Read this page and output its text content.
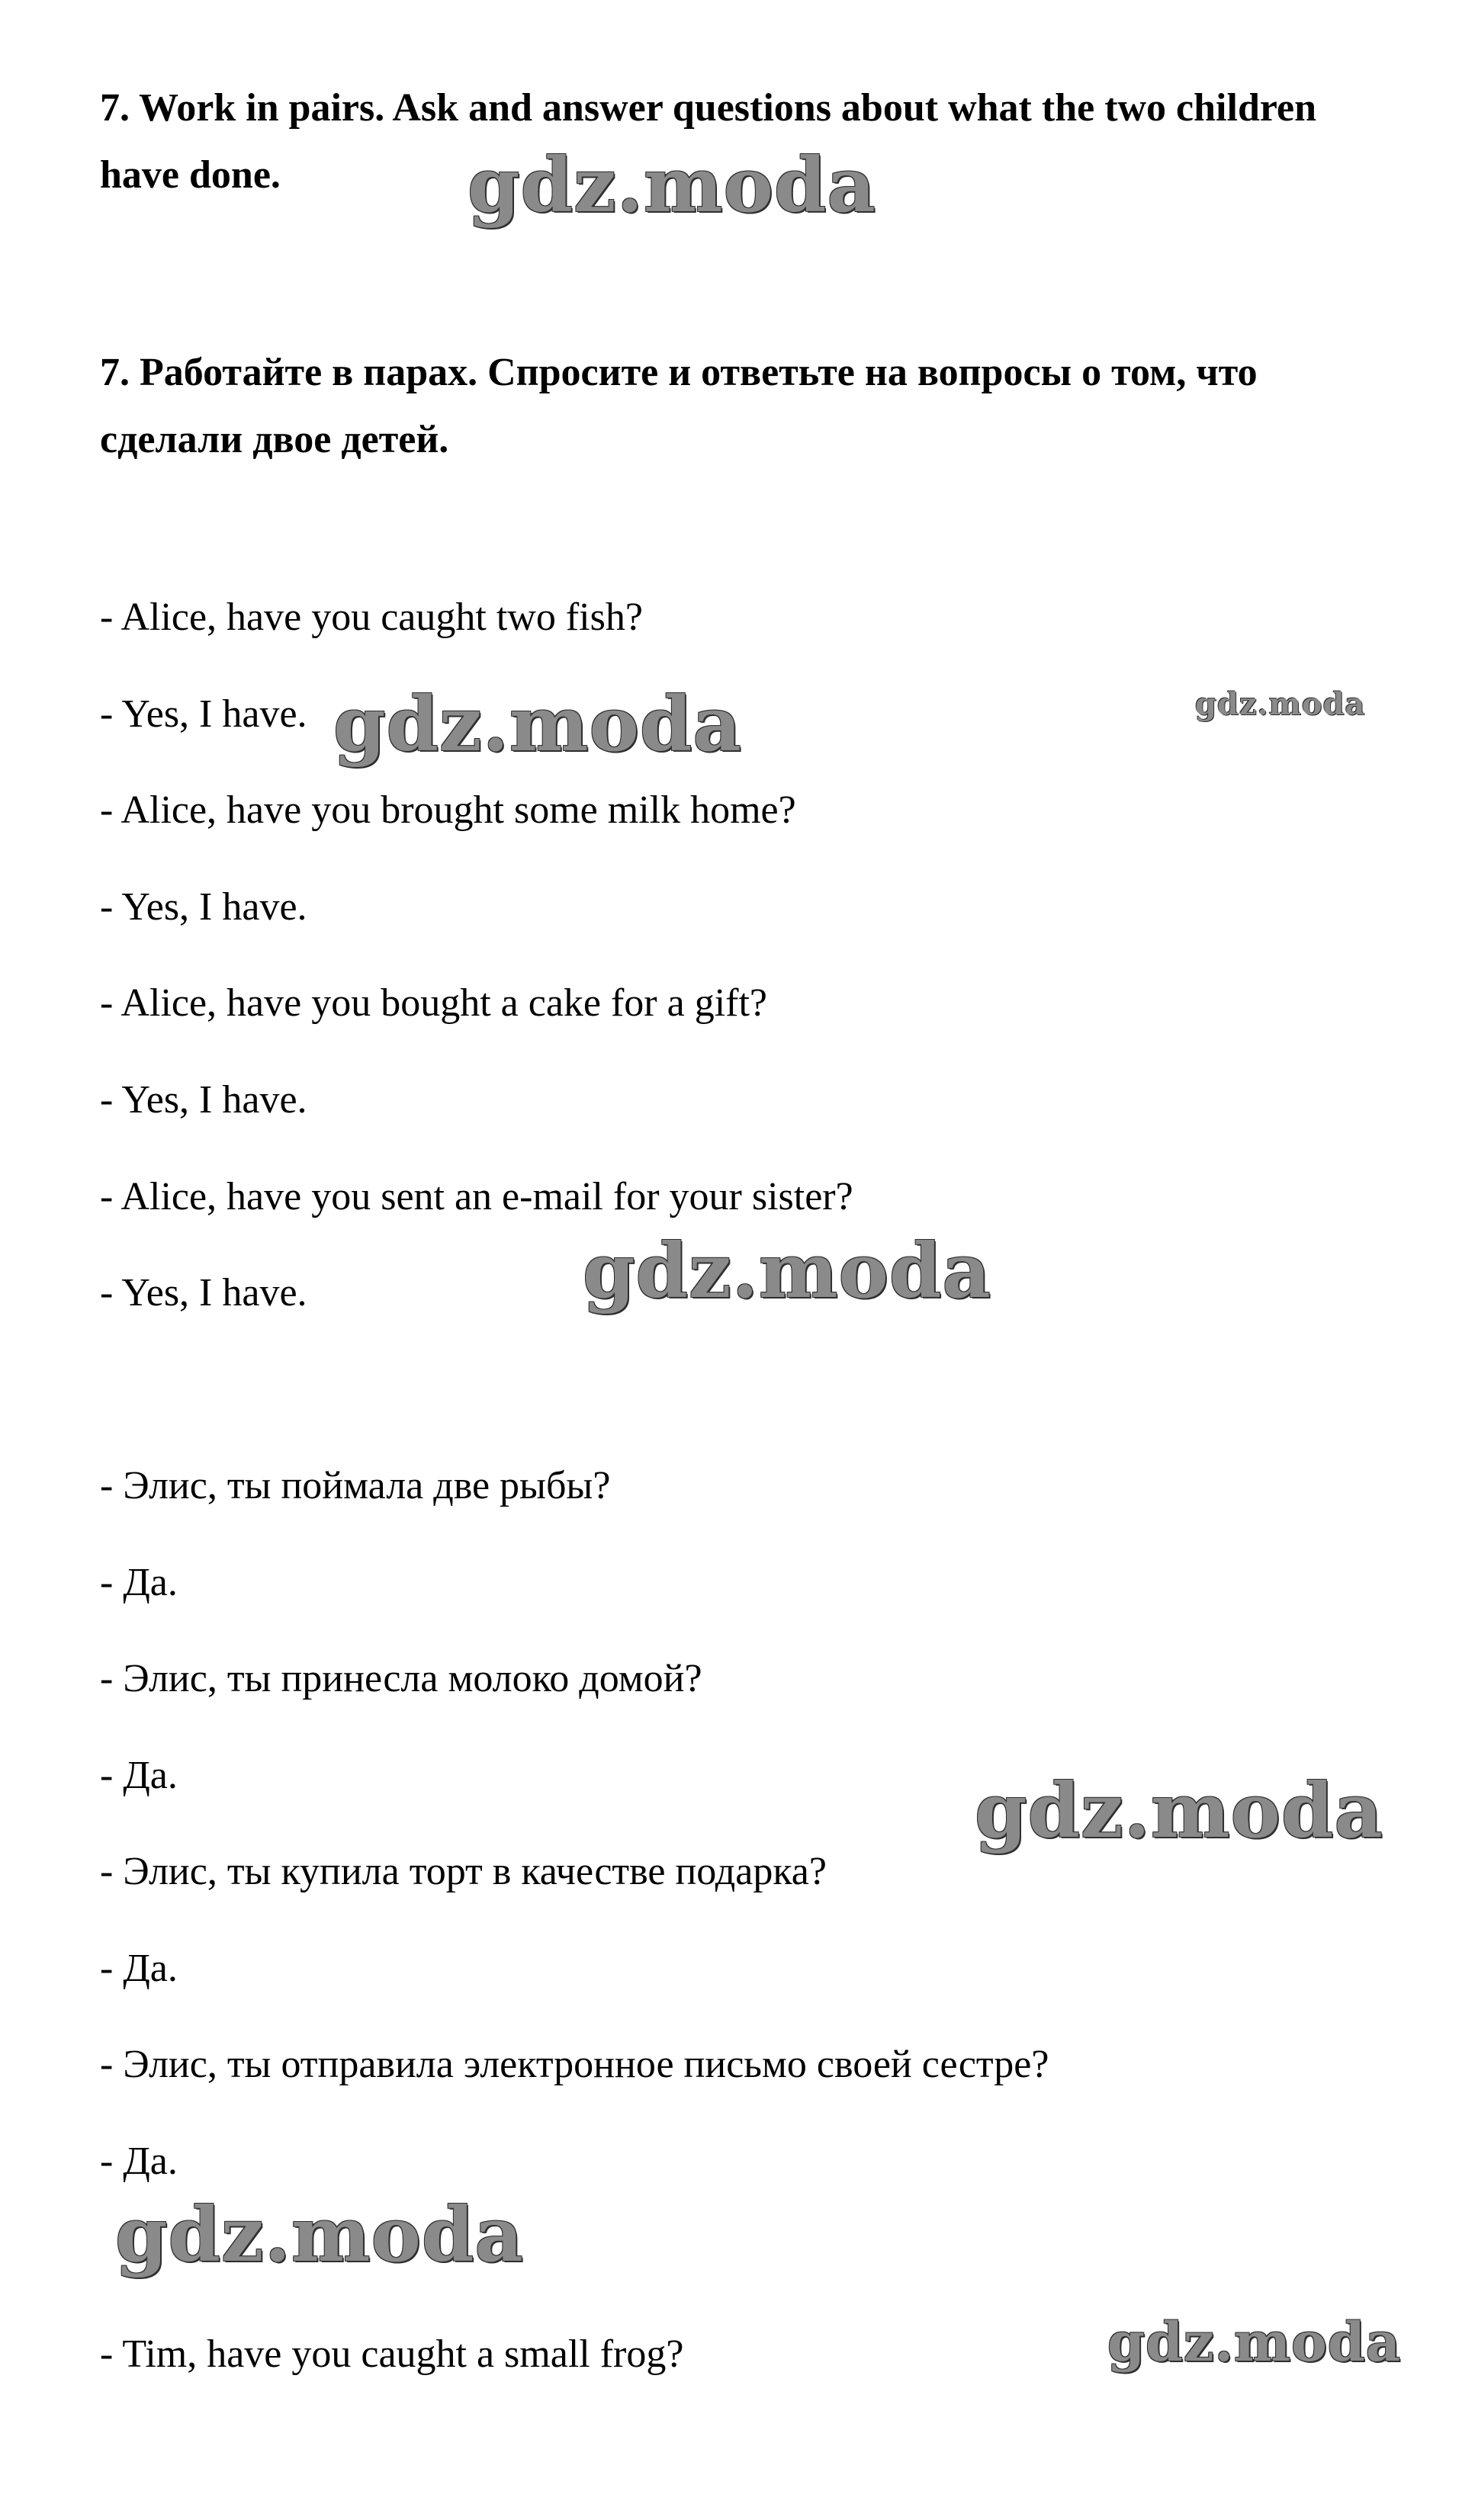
7. Work in pairs. Ask and answer questions about what the two children have done.

7. Работайте в парах. Спросите и ответьте на вопросы о том, что сделали двое детей.

- Alice, have you caught two fish?

- Yes, I have.

- Alice, have you brought some milk home?

- Yes, I have.

- Alice, have you bought a cake for a gift?

- Yes, I have.

- Alice, have you sent an e-mail for your sister?

- Yes, I have.

- Элис, ты поймала две рыбы?

- Да.

- Элис, ты принесла молоко домой?

- Да.

- Элис, ты купила торт в качестве подарка?

- Да.

- Элис, ты отправила электронное письмо своей сестре?

- Да.

- Tim, have you caught a small frog?

gdz.moda
gdz.moda	gdz.moda
gdz.moda
gdz.moda
gdz.moda
gdz.moda
